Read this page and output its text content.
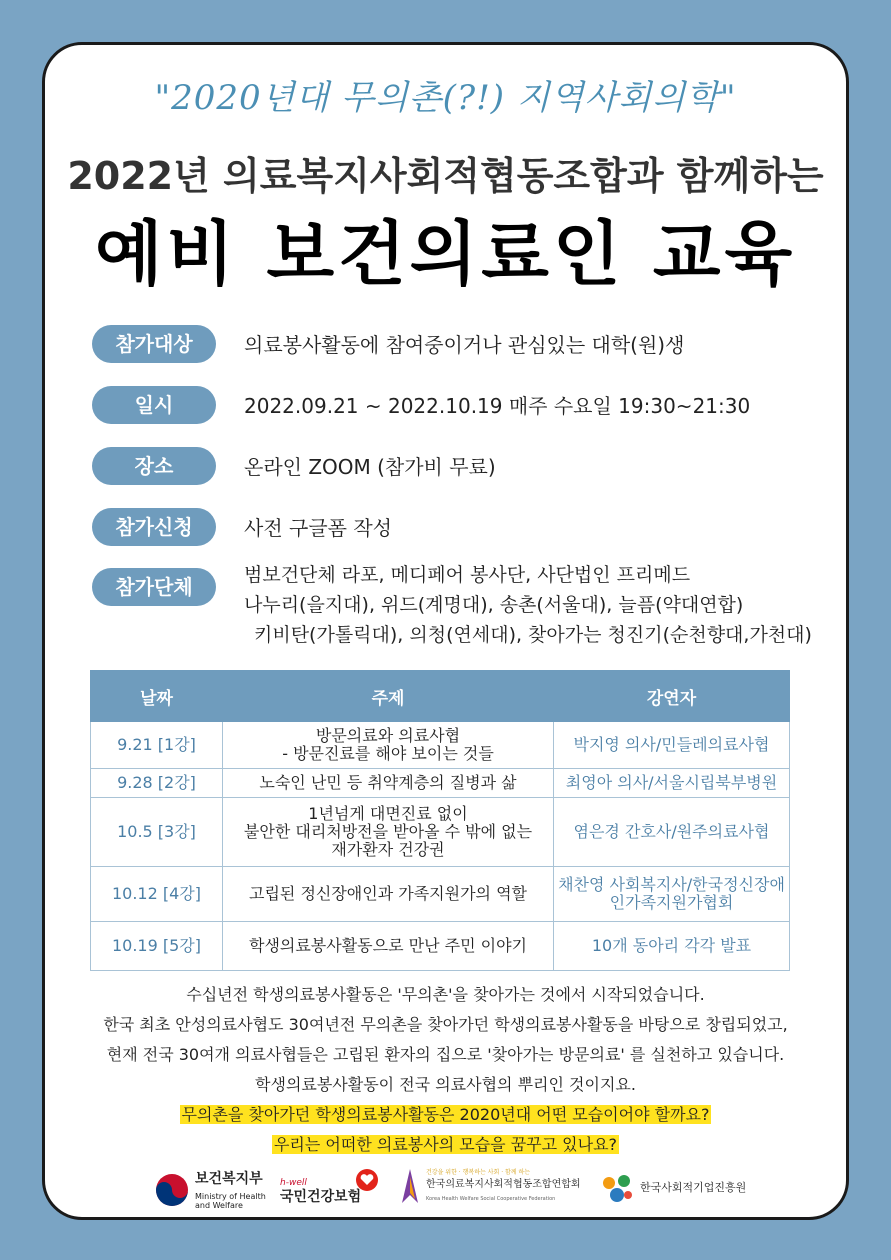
"2020년대 무의촌(?!) 지역사회의학"
2022년 의료복지사회적협동조합과 함께하는
예비 보건의료인 교육
참가대상	의료봉사활동에 참여중이거나 관심있는 대학(원)생
일시	2022.09.21 ~ 2022.10.19 매주 수요일 19:30~21:30
장소	온라인 ZOOM (참가비 무료)
참가신청	사전 구글폼 작성
참가단체	범보건단체 라포, 메디페어 봉사단, 사단법인 프리메드
나누리(을지대), 위드(계명대), 송촌(서울대), 늘픔(약대연합)
키비탄(가톨릭대), 의청(연세대), 찾아가는 청진기(순천향대,가천대)
날짜	주제	강연자
9.21 [1강]	방문의료와 의료사협
- 방문진료를 해야 보이는 것들	박지영 의사/민들레의료사협

9.28 [2강]	노숙인 난민 등 취약계층의 질병과 삶	최영아 의사/서울시립북부병원

10.5 [3강]	1년넘게 대면진료 없이
불안한 대리처방전을 받아올 수 밖에 없는
재가환자 건강권	염은경 간호사/원주의료사협

10.12 [4강]	고립된 정신장애인과 가족지원가의 역할	채찬영 사회복지사/한국정신장애
인가족지원가협회

10.19 [5강]	학생의료봉사활동으로 만난 주민 이야기	10개 동아리 각각 발표
수십년전 학생의료봉사활동은 '무의촌'을 찾아가는 것에서 시작되었습니다.
한국 최초 안성의료사협도 30여년전 무의촌을 찾아가던 학생의료봉사활동을 바탕으로 창립되었고,
현재 전국 30여개 의료사협들은 고립된 환자의 집으로 '찾아가는 방문의료' 를 실천하고 있습니다.
학생의료봉사활동이 전국 의료사협의 뿌리인 것이지요.
무의촌을 찾아가던 학생의료봉사활동은 2020년대 어떤 모습이어야 할까요?
우리는 어떠한 의료봉사의 모습을 꿈꾸고 있나요?
보건복지부
Ministry of Health
and Welfare
h-well
국민건강보험
건강을 위한 · 행복하는 사회 · 함께 하는
한국의료복지사회적협동조합연합회
Korea Health Welfare Social Cooperative Federation
한국사회적기업진흥원
